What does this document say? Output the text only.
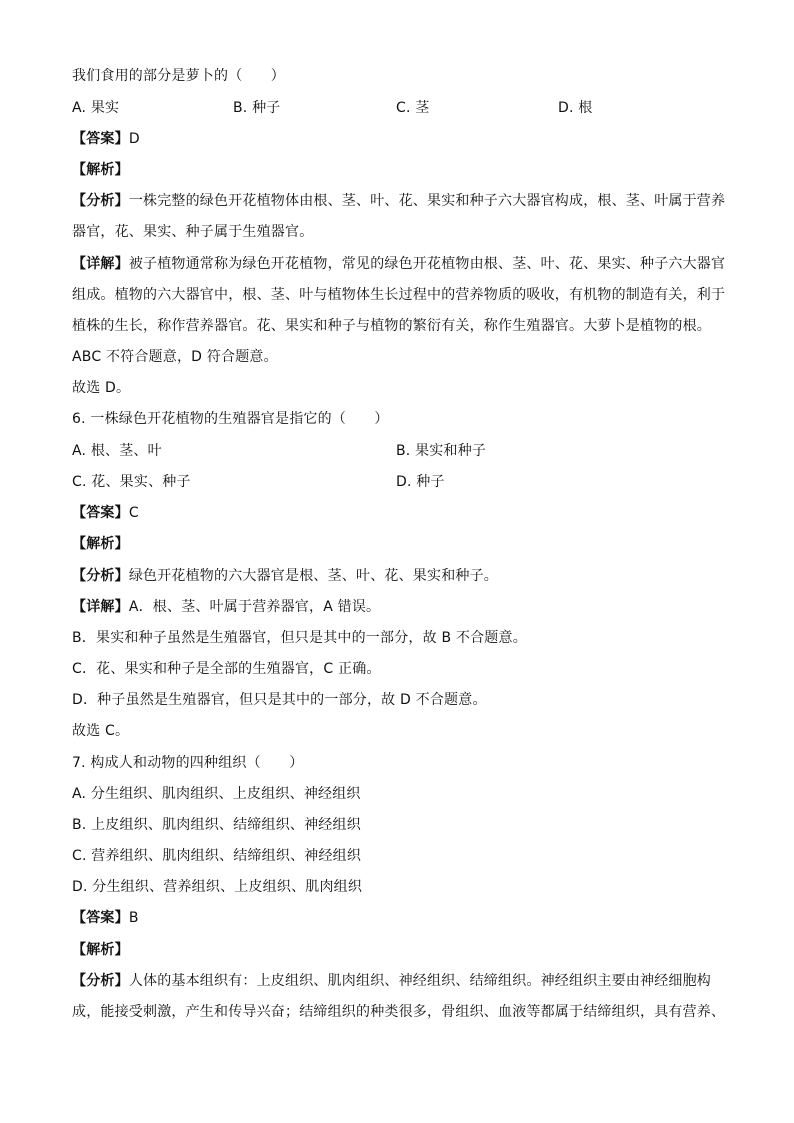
我们食用的部分是萝卜的（　　）
A. 果实	B. 种子	C. 茎	D. 根
【答案】D
【解析】
【分析】一株完整的绿色开花植物体由根、茎、叶、花、果实和种子六大器官构成，根、茎、叶属于营养
器官，花、果实、种子属于生殖器官。
【详解】被子植物通常称为绿色开花植物，常见的绿色开花植物由根、茎、叶、花、果实、种子六大器官
组成。植物的六大器官中，根、茎、叶与植物体生长过程中的营养物质的吸收，有机物的制造有关，利于
植株的生长，称作营养器官。花、果实和种子与植物的繁衍有关，称作生殖器官。大萝卜是植物的根。
ABC 不符合题意，D 符合题意。
故选 D。
6. 一株绿色开花植物的生殖器官是指它的（　　）
A. 根、茎、叶	B. 果实和种子
C. 花、果实、种子	D. 种子
【答案】C
【解析】
【分析】绿色开花植物的六大器官是根、茎、叶、花、果实和种子。
【详解】A．根、茎、叶属于营养器官，A 错误。
B．果实和种子虽然是生殖器官，但只是其中的一部分，故 B 不合题意。
C．花、果实和种子是全部的生殖器官，C 正确。
D．种子虽然是生殖器官，但只是其中的一部分，故 D 不合题意。
故选 C。
7. 构成人和动物的四种组织（　　）
A. 分生组织、肌肉组织、上皮组织、神经组织
B. 上皮组织、肌肉组织、结缔组织、神经组织
C. 营养组织、肌肉组织、结缔组织、神经组织
D. 分生组织、营养组织、上皮组织、肌肉组织
【答案】B
【解析】
【分析】人体的基本组织有：上皮组织、肌肉组织、神经组织、结缔组织。神经组织主要由神经细胞构
成，能接受刺激，产生和传导兴奋；结缔组织的种类很多，骨组织、血液等都属于结缔组织，具有营养、
